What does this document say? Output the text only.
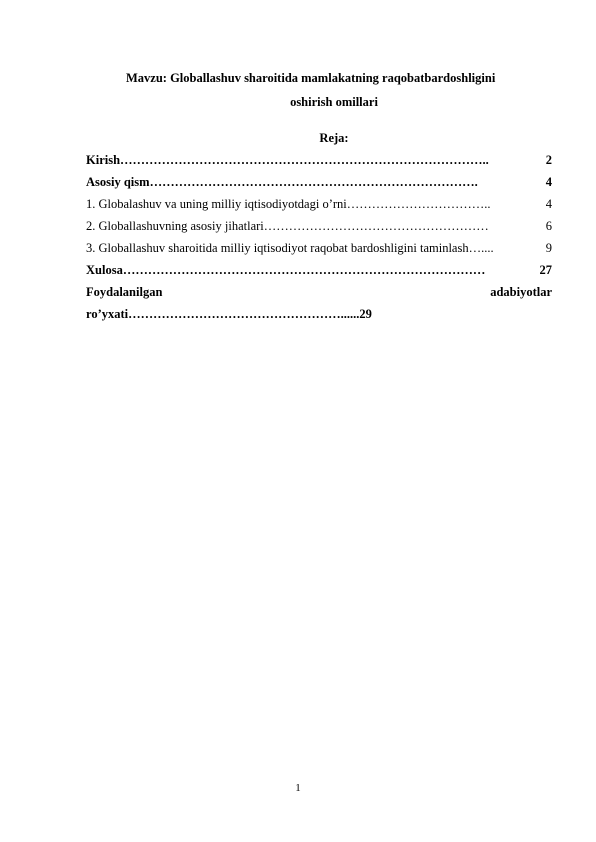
Mavzu: Globallashuv sharoitida mamlakatning raqobatbardoshligini

oshirish omillari

Reja:

Kirish ……………………………………………………………………………..	2
Asosiy qism …………………………………………………………………….	4
1. Globalashuv va uning milliy iqtisodiyotdagi o’rni ……………………………..	4
2. Globallashuvning asosiy jihatlari ………………………………………………	6
3. Globallashuv sharoitida milliy iqtisodiyot raqobat bardoshligini taminlash …....	9
Xulosa ……………………………………………………………………………	27
Foydalanilgan	adabiyotlar
ro’yxati……………………………………………......29
1
